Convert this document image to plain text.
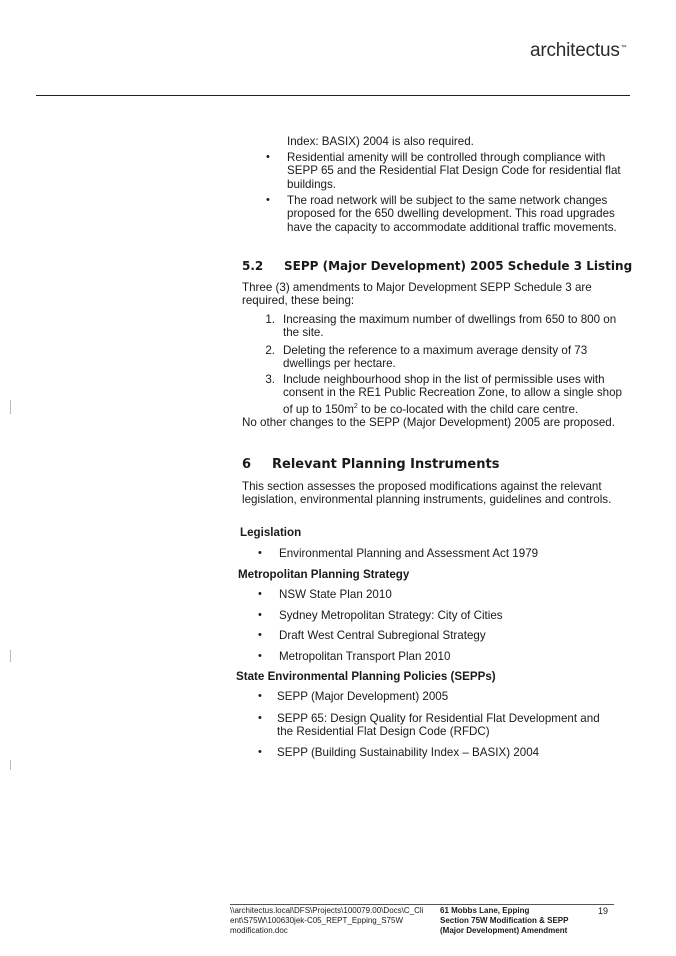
architectus™
Index: BASIX) 2004 is also required.
• Residential amenity will be controlled through compliance with
SEPP 65 and the Residential Flat Design Code for residential flat
buildings.
• The road network will be subject to the same network changes
proposed for the 650 dwelling development. This road upgrades
have the capacity to accommodate additional traffic movements.
5.2 SEPP (Major Development) 2005 Schedule 3 Listing
Three (3) amendments to Major Development SEPP Schedule 3 are
required, these being:
1. Increasing the maximum number of dwellings from 650 to 800 on
the site.
2. Deleting the reference to a maximum average density of 73
dwellings per hectare.
3. Include neighbourhood shop in the list of permissible uses with
consent in the RE1 Public Recreation Zone, to allow a single shop
of up to $150m^2$ to be co-located with the child care centre.
No other changes to the SEPP (Major Development) 2005 are proposed.
6 Relevant Planning Instruments
This section assesses the proposed modifications against the relevant
legislation, environmental planning instruments, guidelines and controls.
Legislation
• Environmental Planning and Assessment Act 1979
Metropolitan Planning Strategy
• NSW State Plan 2010
• Sydney Metropolitan Strategy: City of Cities
• Draft West Central Subregional Strategy
• Metropolitan Transport Plan 2010
State Environmental Planning Policies (SEPPs)
• SEPP (Major Development) 2005
• SEPP 65: Design Quality for Residential Flat Development and
the Residential Flat Design Code (RFDC)
• SEPP (Building Sustainability Index – BASIX) 2004
\\architectus.local\DFS\Projects\100079.00\Docs\C_Cli
ent\S75W\100630jek-C05_REPT_Epping_S75W
modification.doc
61 Mobbs Lane, Epping
Section 75W Modification & SEPP
(Major Development) Amendment
19
